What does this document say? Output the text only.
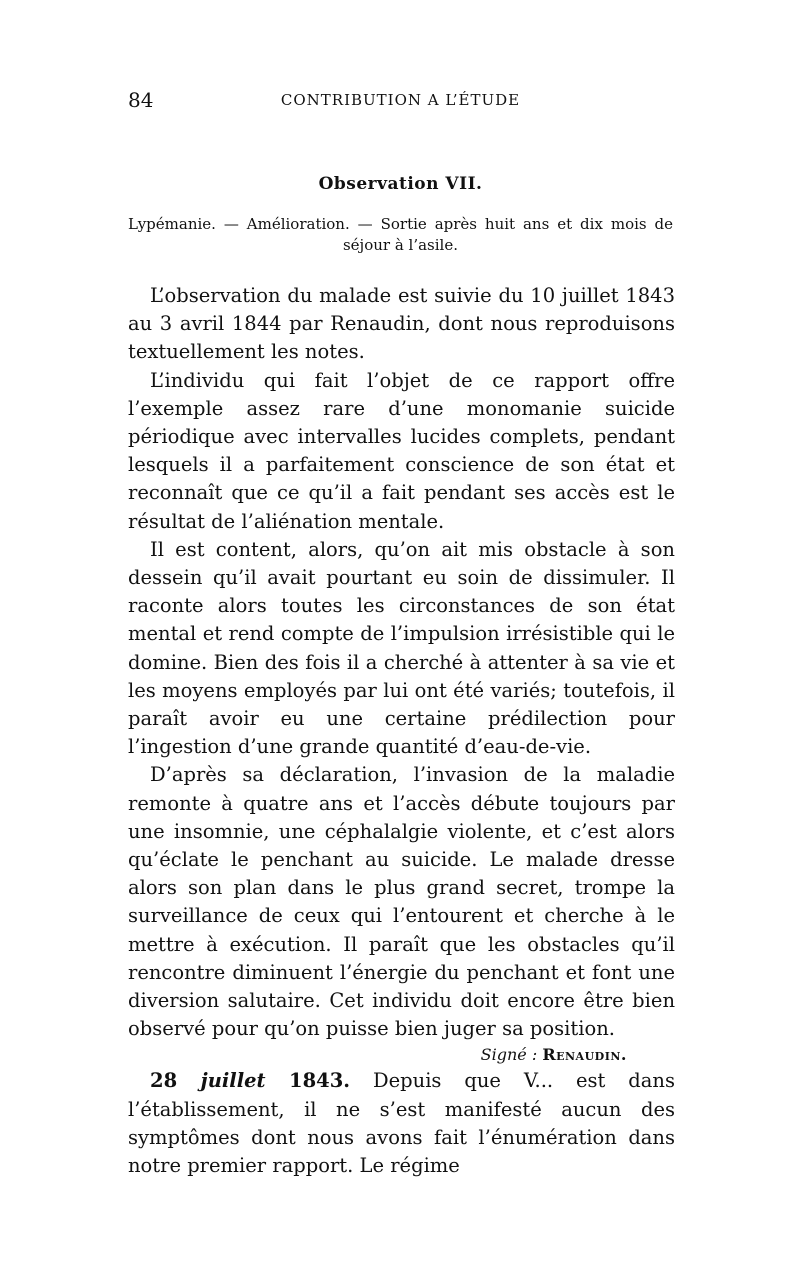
84	CONTRIBUTION A L’ÉTUDE
Observation VII.
Lypémanie. — Amélioration. — Sortie après huit ans et dix mois de
séjour à l’asile.

L’observation du malade est suivie du 10 juillet 1843 au 3 avril 1844 par Renaudin, dont nous reproduisons textuellement les notes.

L’individu qui fait l’objet de ce rapport offre l’exemple assez rare d’une monomanie suicide périodique avec intervalles lucides complets, pendant lesquels il a parfaitement conscience de son état et reconnaît que ce qu’il a fait pendant ses accès est le résultat de l’aliénation mentale.

Il est content, alors, qu’on ait mis obstacle à son dessein qu’il avait pourtant eu soin de dissimuler. Il raconte alors toutes les circonstances de son état mental et rend compte de l’impulsion irrésistible qui le domine. Bien des fois il a cherché à attenter à sa vie et les moyens employés par lui ont été variés; toutefois, il paraît avoir eu une certaine prédilection pour l’ingestion d’une grande quantité d’eau-de-vie.

D’après sa déclaration, l’invasion de la maladie remonte à quatre ans et l’accès débute toujours par une insomnie, une céphalalgie violente, et c’est alors qu’éclate le penchant au suicide. Le malade dresse alors son plan dans le plus grand secret, trompe la surveillance de ceux qui l’entourent et cherche à le mettre à exécution. Il paraît que les obstacles qu’il rencontre diminuent l’énergie du penchant et font une diversion salutaire. Cet individu doit encore être bien observé pour qu’on puisse bien juger sa position.

Signé : Renaudin.

28 juillet 1843. Depuis que V... est dans l’établissement, il ne s’est manifesté aucun des symptômes dont nous avons fait l’énumération dans notre premier rapport. Le régime
